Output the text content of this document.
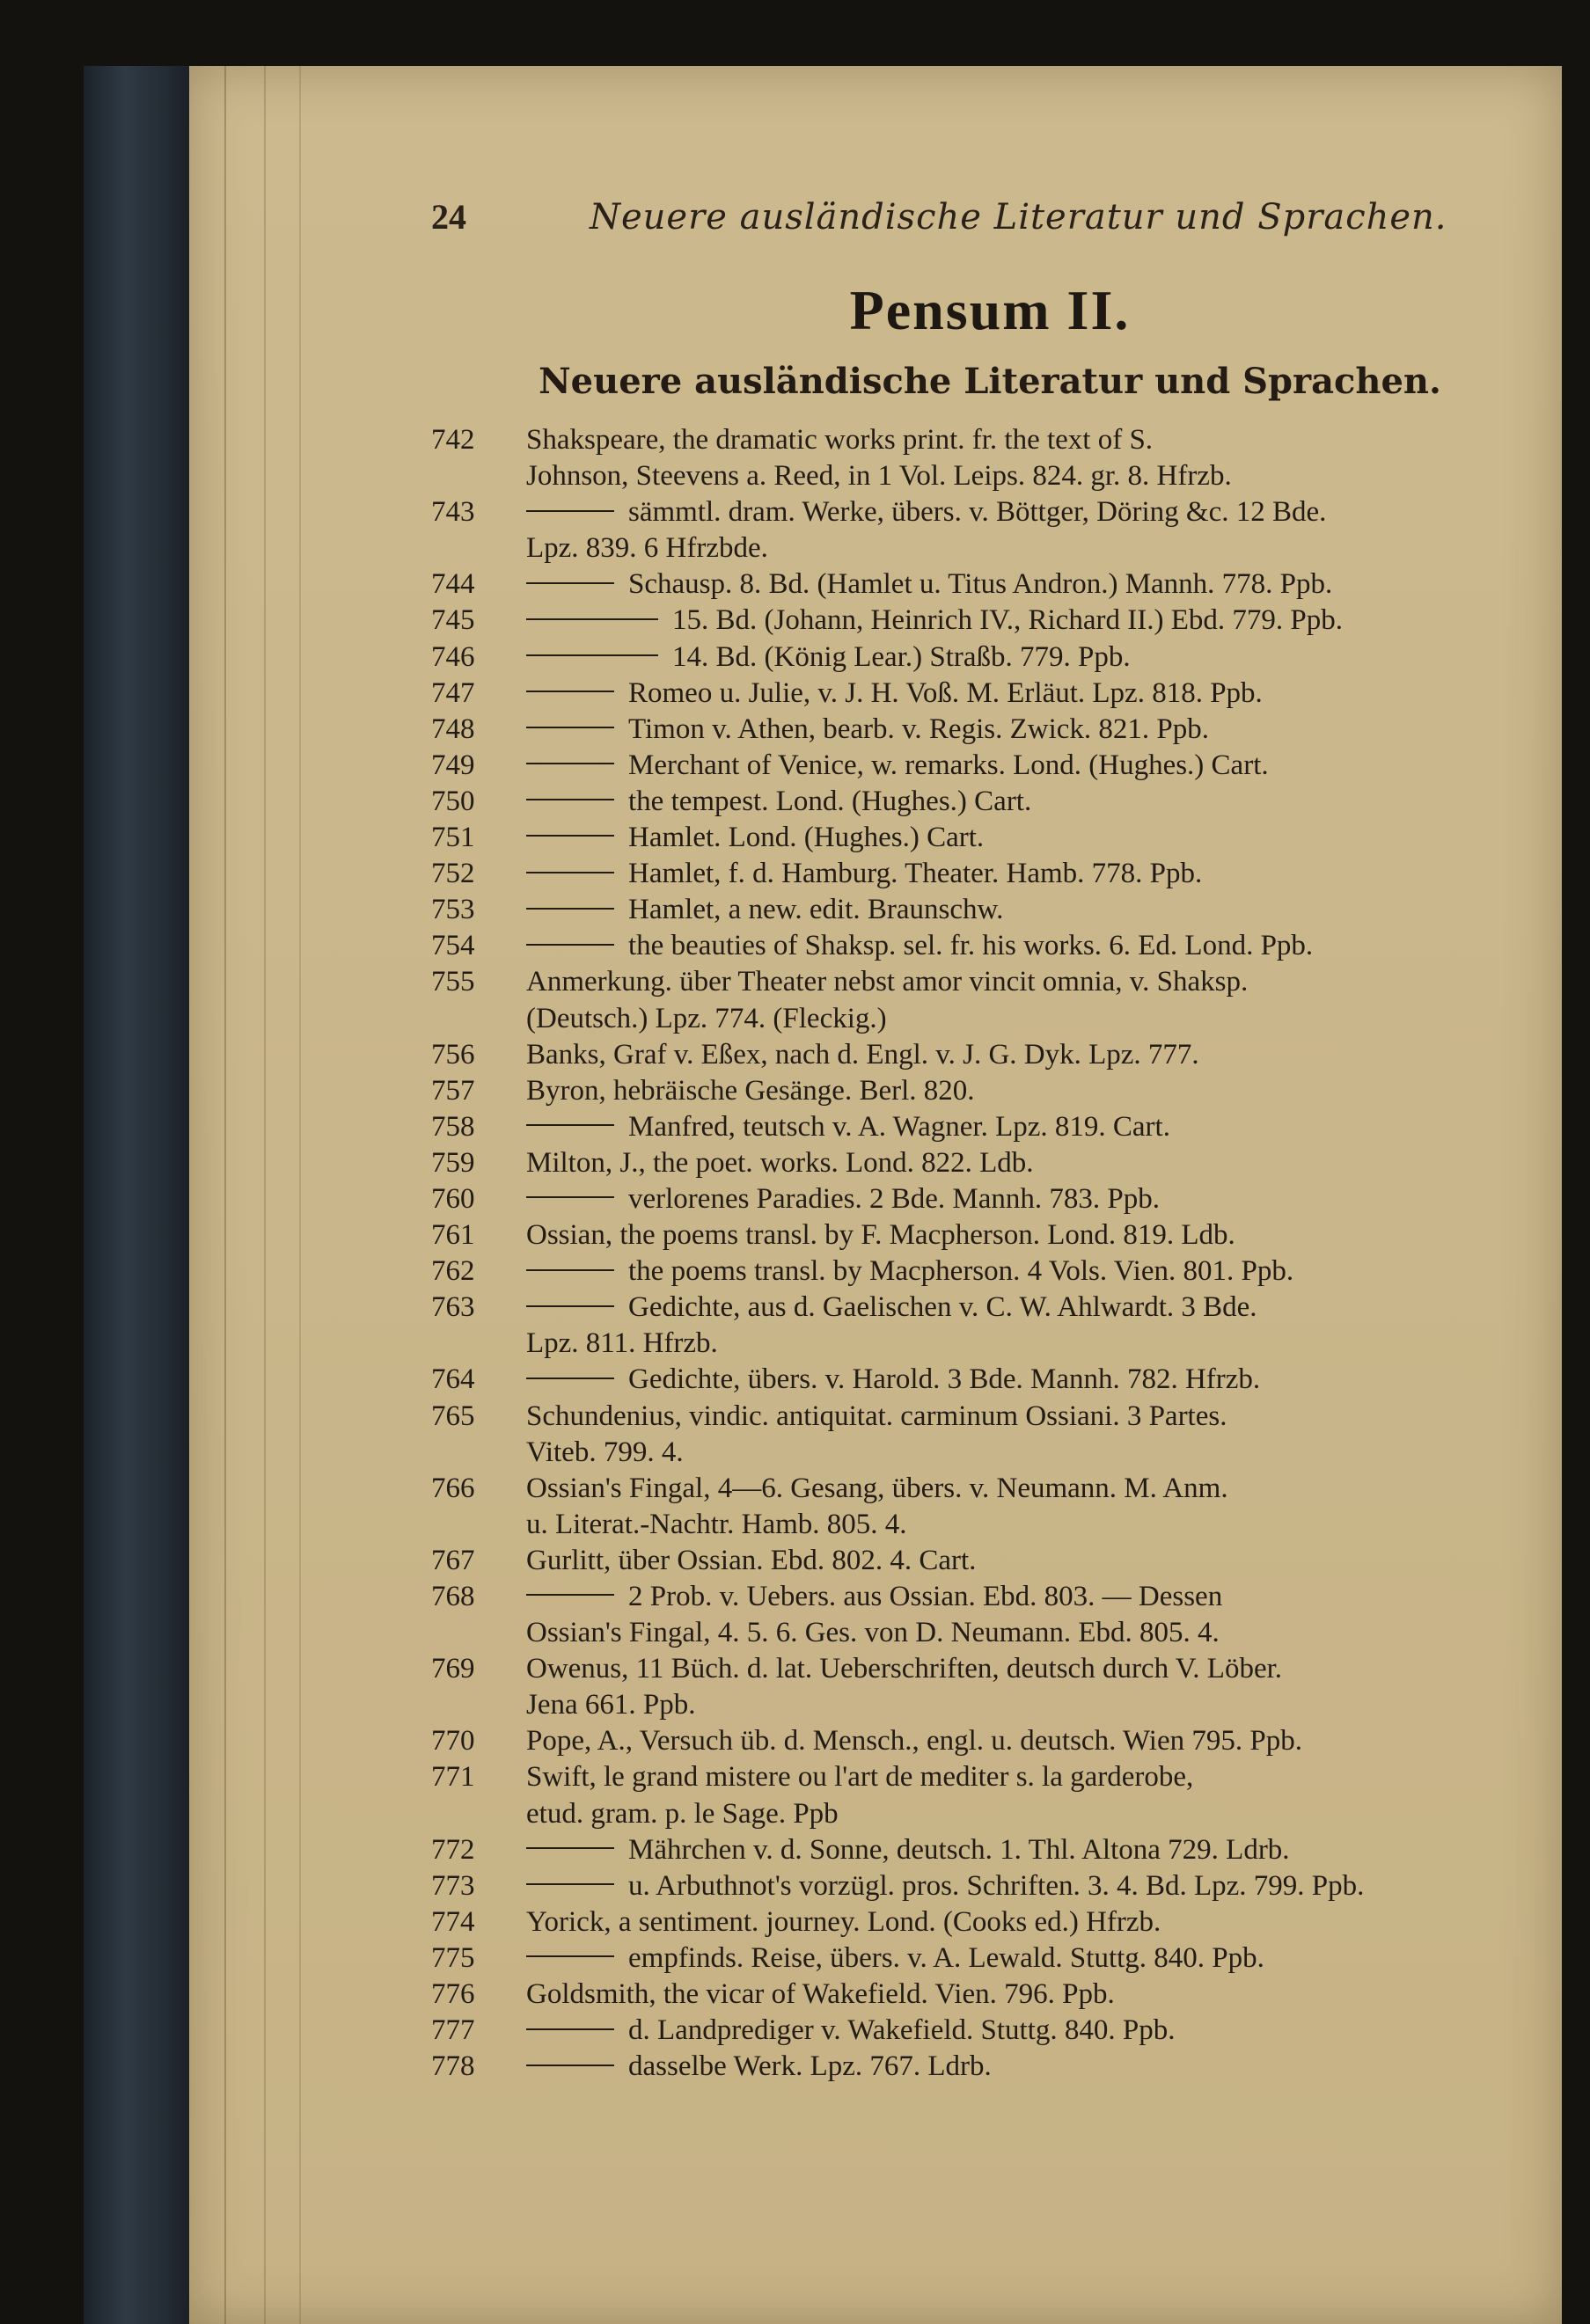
24	Neuere ausländische Literatur und Sprachen.
Pensum II.
Neuere ausländische Literatur und Sprachen.
742	Shakspeare, the dramatic works print. fr. the text of S.
Johnson, Steevens a. Reed, in 1 Vol. Leips. 824. gr. 8. Hfrzb.
743	sämmtl. dram. Werke, übers. v. Böttger, Döring &c. 12 Bde.
Lpz. 839. 6 Hfrzbde.
744	Schausp. 8. Bd. (Hamlet u. Titus Andron.) Mannh. 778. Ppb.
745	15. Bd. (Johann, Heinrich IV., Richard II.) Ebd. 779. Ppb.
746	14. Bd. (König Lear.) Straßb. 779. Ppb.
747	Romeo u. Julie, v. J. H. Voß. M. Erläut. Lpz. 818. Ppb.
748	Timon v. Athen, bearb. v. Regis. Zwick. 821. Ppb.
749	Merchant of Venice, w. remarks. Lond. (Hughes.) Cart.
750	the tempest. Lond. (Hughes.) Cart.
751	Hamlet. Lond. (Hughes.) Cart.
752	Hamlet, f. d. Hamburg. Theater. Hamb. 778. Ppb.
753	Hamlet, a new. edit. Braunschw.
754	the beauties of Shaksp. sel. fr. his works. 6. Ed. Lond. Ppb.
755	Anmerkung. über Theater nebst amor vincit omnia, v. Shaksp.
(Deutsch.) Lpz. 774. (Fleckig.)
756	Banks, Graf v. Eßex, nach d. Engl. v. J. G. Dyk. Lpz. 777.
757	Byron, hebräische Gesänge. Berl. 820.
758	Manfred, teutsch v. A. Wagner. Lpz. 819. Cart.
759	Milton, J., the poet. works. Lond. 822. Ldb.
760	verlorenes Paradies. 2 Bde. Mannh. 783. Ppb.
761	Ossian, the poems transl. by F. Macpherson. Lond. 819. Ldb.
762	the poems transl. by Macpherson. 4 Vols. Vien. 801. Ppb.
763	Gedichte, aus d. Gaelischen v. C. W. Ahlwardt. 3 Bde.
Lpz. 811. Hfrzb.
764	Gedichte, übers. v. Harold. 3 Bde. Mannh. 782. Hfrzb.
765	Schundenius, vindic. antiquitat. carminum Ossiani. 3 Partes.
Viteb. 799. 4.
766	Ossian's Fingal, 4—6. Gesang, übers. v. Neumann. M. Anm.
u. Literat.-Nachtr. Hamb. 805. 4.
767	Gurlitt, über Ossian. Ebd. 802. 4. Cart.
768	2 Prob. v. Uebers. aus Ossian. Ebd. 803. — Dessen
Ossian's Fingal, 4. 5. 6. Ges. von D. Neumann. Ebd. 805. 4.
769	Owenus, 11 Büch. d. lat. Ueberschriften, deutsch durch V. Löber.
Jena 661. Ppb.
770	Pope, A., Versuch üb. d. Mensch., engl. u. deutsch. Wien 795. Ppb.
771	Swift, le grand mistere ou l'art de mediter s. la garderobe,
etud. gram. p. le Sage. Ppb
772	Mährchen v. d. Sonne, deutsch. 1. Thl. Altona 729. Ldrb.
773	u. Arbuthnot's vorzügl. pros. Schriften. 3. 4. Bd. Lpz. 799. Ppb.
774	Yorick, a sentiment. journey. Lond. (Cooks ed.) Hfrzb.
775	empfinds. Reise, übers. v. A. Lewald. Stuttg. 840. Ppb.
776	Goldsmith, the vicar of Wakefield. Vien. 796. Ppb.
777	d. Landprediger v. Wakefield. Stuttg. 840. Ppb.
778	dasselbe Werk. Lpz. 767. Ldrb.
